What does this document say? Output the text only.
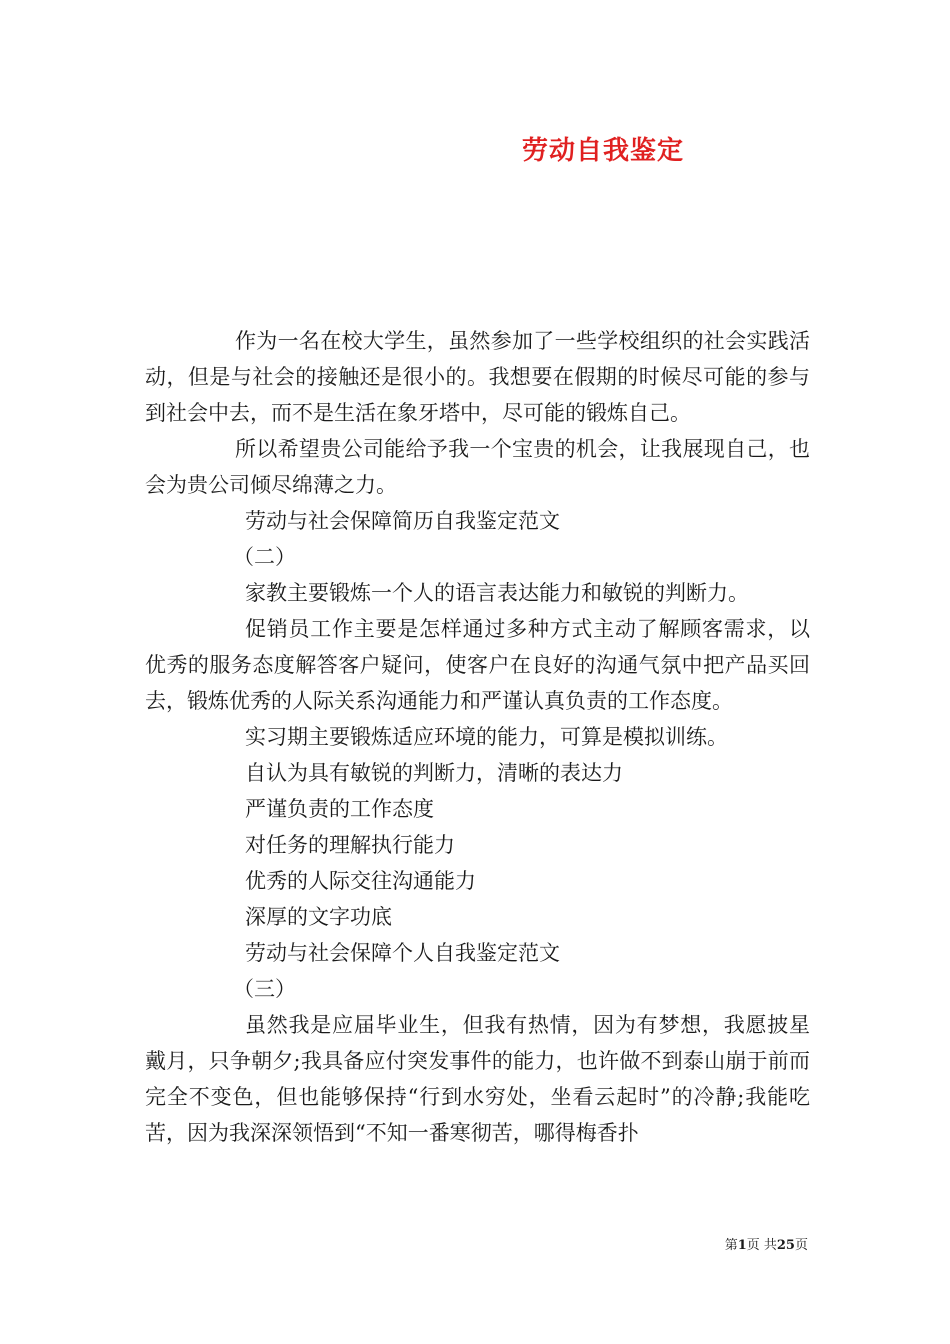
劳动自我鉴定

作为一名在校大学生，虽然参加了一些学校组织的社会实践活动，但是与社会的接触还是很小的。我想要在假期的时候尽可能的参与到社会中去，而不是生活在象牙塔中，尽可能的锻炼自己。

所以希望贵公司能给予我一个宝贵的机会，让我展现自己，也会为贵公司倾尽绵薄之力。

劳动与社会保障简历自我鉴定范文

（二）

家教主要锻炼一个人的语言表达能力和敏锐的判断力。

促销员工作主要是怎样通过多种方式主动了解顾客需求，以优秀的服务态度解答客户疑问，使客户在良好的沟通气氛中把产品买回去，锻炼优秀的人际关系沟通能力和严谨认真负责的工作态度。

实习期主要锻炼适应环境的能力，可算是模拟训练。

自认为具有敏锐的判断力，清晰的表达力

严谨负责的工作态度

对任务的理解执行能力

优秀的人际交往沟通能力

深厚的文字功底

劳动与社会保障个人自我鉴定范文

（三）

虽然我是应届毕业生，但我有热情，因为有梦想，我愿披星戴月，只争朝夕;我具备应付突发事件的能力，也许做不到泰山崩于前而完全不变色，但也能够保持“行到水穷处，坐看云起时”的冷静;我能吃苦，因为我深深领悟到“不知一番寒彻苦，哪得梅香扑

第1页 共25页
